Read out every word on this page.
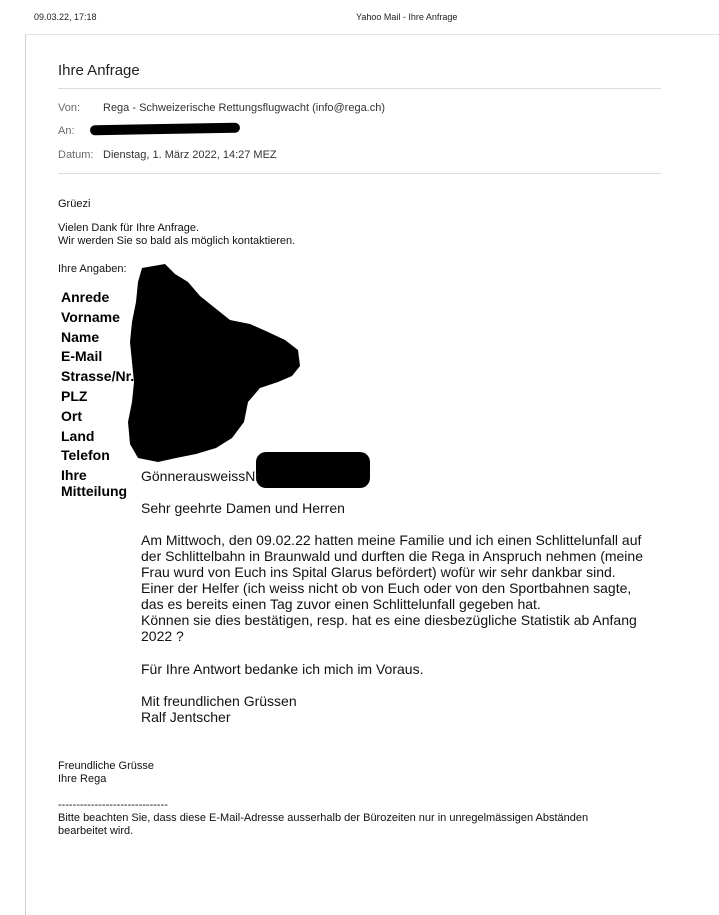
09.03.22, 17:18	Yahoo Mail - Ihre Anfrage
Ihre Anfrage
Von: Rega - Schweizerische Rettungsflugwacht (info@rega.ch)
An:
Datum: Dienstag, 1. März 2022, 14:27 MEZ
Grüezi
Vielen Dank für Ihre Anfrage.
Wir werden Sie so bald als möglich kontaktieren.
Ihre Angaben:
Anrede
Vorname
Name
E-Mail
Strasse/Nr.
PLZ
Ort
Land
Telefon
Ihre
Mitteilung
GönnerausweissNr
Sehr geehrte Damen und Herren
Am Mittwoch, den 09.02.22 hatten meine Familie und ich einen Schlittelunfall auf
der Schlittelbahn in Braunwald und durften die Rega in Anspruch nehmen (meine
Frau wurd von Euch ins Spital Glarus befördert) wofür wir sehr dankbar sind.
Einer der Helfer (ich weiss nicht ob von Euch oder von den Sportbahnen sagte,
das es bereits einen Tag zuvor einen Schlittelunfall gegeben hat.
Können sie dies bestätigen, resp. hat es eine diesbezügliche Statistik ab Anfang
2022 ?
Für Ihre Antwort bedanke ich mich im Voraus.
Mit freundlichen Grüssen
Ralf Jentscher
Freundliche Grüsse
Ihre Rega
------------------------------
Bitte beachten Sie, dass diese E-Mail-Adresse ausserhalb der Bürozeiten nur in unregelmässigen Abständen
bearbeitet wird.
